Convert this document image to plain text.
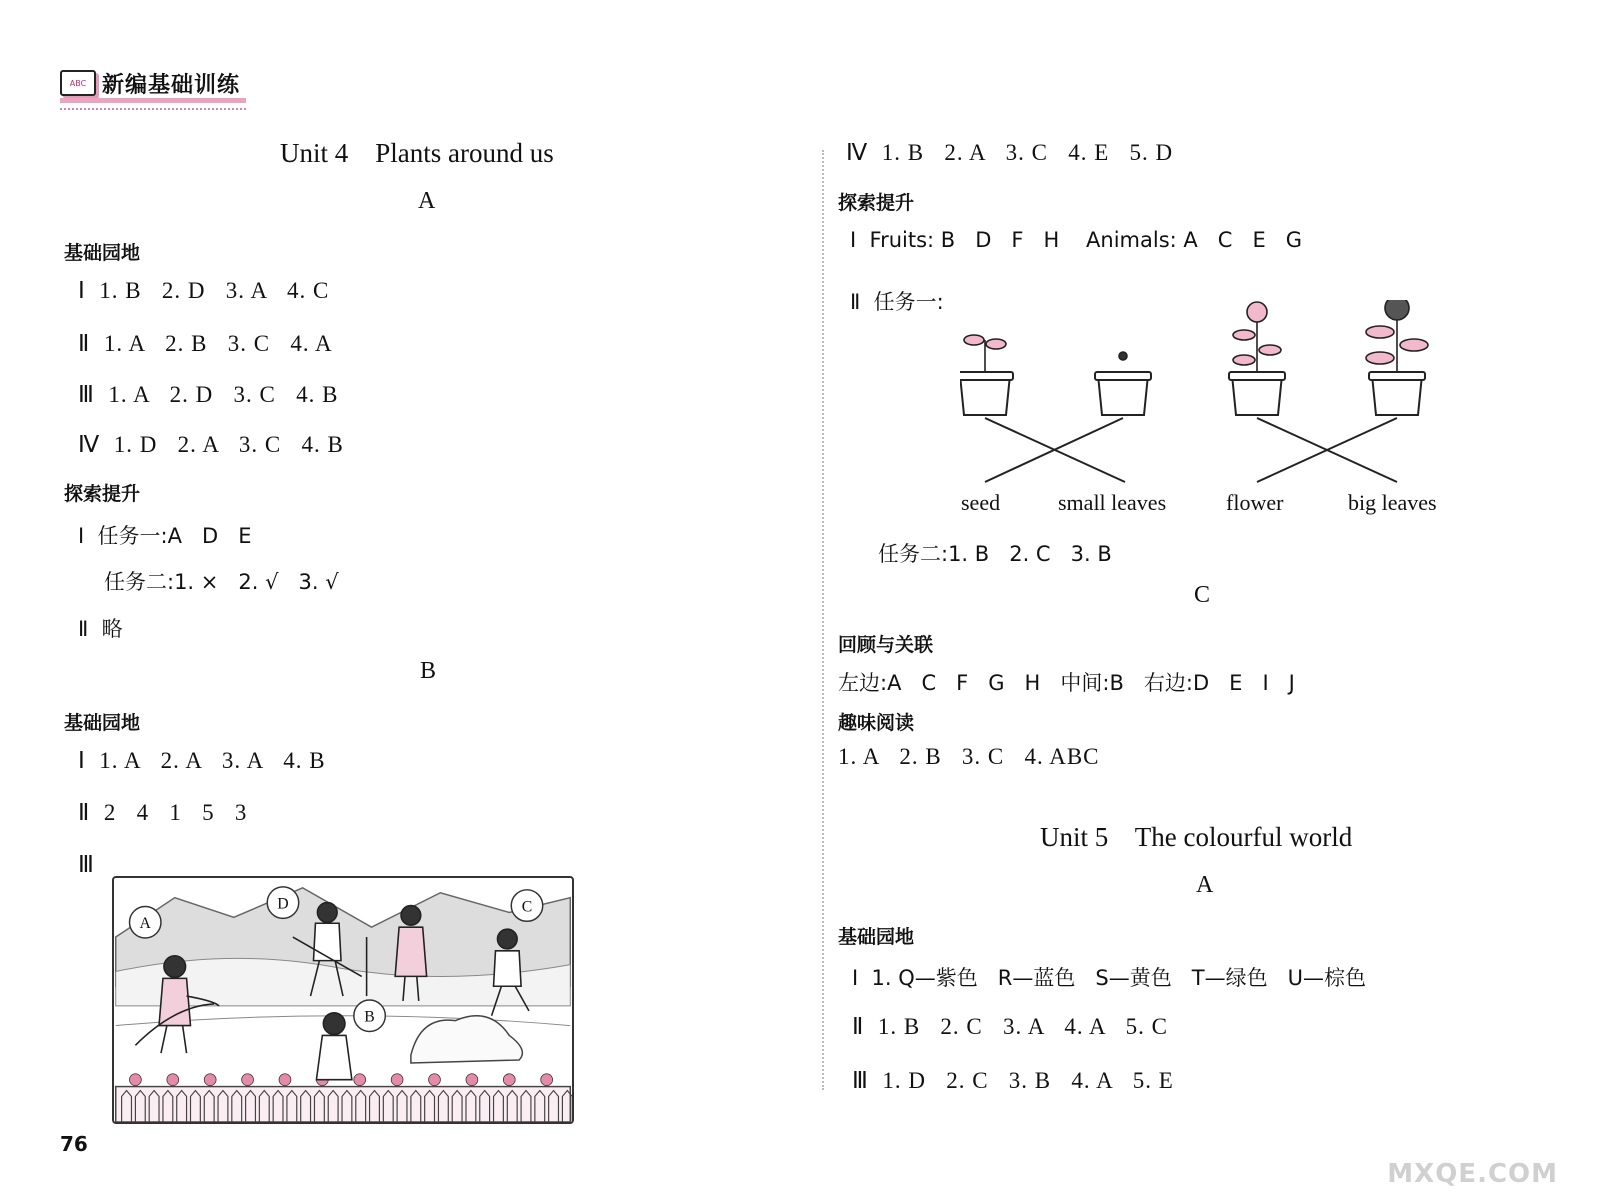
ABC 新编基础训练
Unit 4    Plants around us
A
基础园地
Ⅰ  1. B   2. D   3. A   4. C
Ⅱ  1. A   2. B   3. C   4. A
Ⅲ  1. A   2. D   3. C   4. B
Ⅳ  1. D   2. A   3. C   4. B
探索提升
Ⅰ  任务一:A   D   E
任务二:1. ×   2. √   3. √
Ⅱ  略
B
基础园地
Ⅰ  1. A   2. A   3. A   4. B
Ⅱ  2   4   1   5   3
Ⅲ
A
D
B
C
76
Ⅳ  1. B   2. A   3. C   4. E   5. D
探索提升
Ⅰ  Fruits: B   D   F   H    Animals: A   C   E   G
Ⅱ  任务一:
seed	small leaves	flower	big leaves
任务二:1. B   2. C   3. B
C
回顾与关联
左边:A   C   F   G   H   中间:B   右边:D   E   I   J
趣味阅读
1. A   2. B   3. C   4. ABC
Unit 5    The colourful world
A
基础园地
Ⅰ  1. Q—紫色   R—蓝色   S—黄色   T—绿色   U—棕色
Ⅱ  1. B   2. C   3. A   4. A   5. C
Ⅲ  1. D   2. C   3. B   4. A   5. E
MXQE.COM
